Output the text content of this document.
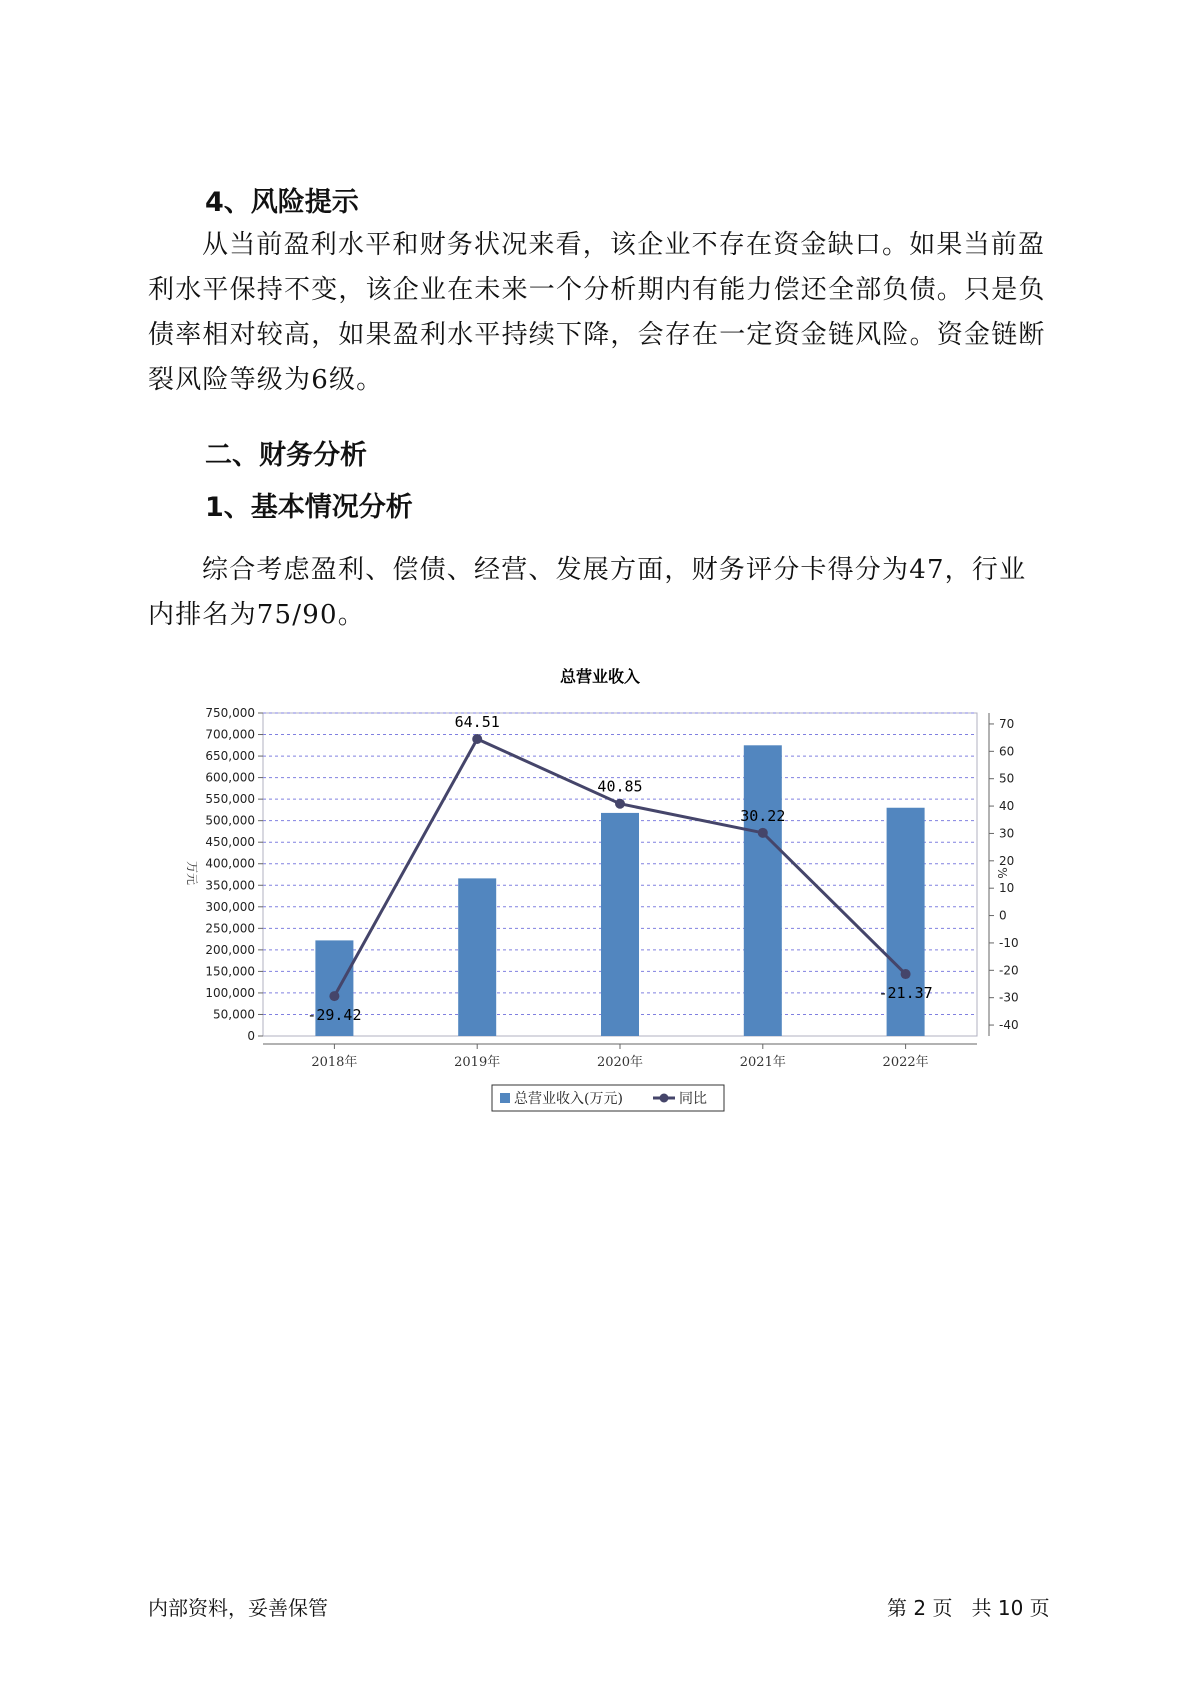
4、风险提示

从当前盈利水平和财务状况来看，该企业不存在资金缺口。如果当前盈利水平保持不变，该企业在未来一个分析期内有能力偿还全部负债。只是负债率相对较高，如果盈利水平持续下降，会存在一定资金链风险。资金链断裂风险等级为6级。

二、财务分析
1、基本情况分析

综合考虑盈利、偿债、经营、发展方面，财务评分卡得分为47，行业内排名为75/90。

总营业收入
-29.42
64.51
40.85
30.22
-21.37
0
50,000
100,000
150,000
200,000
250,000
300,000
350,000
400,000
450,000
500,000
550,000
600,000
650,000
700,000
750,000
-40
-30
-20
-10
0
10
20
30
40
50
60
70
2018年	2019年	2020年	2021年	2022年
万元	%
总营业收入(万元)	同比
内部资料，妥善保管	第 2 页   共 10 页
